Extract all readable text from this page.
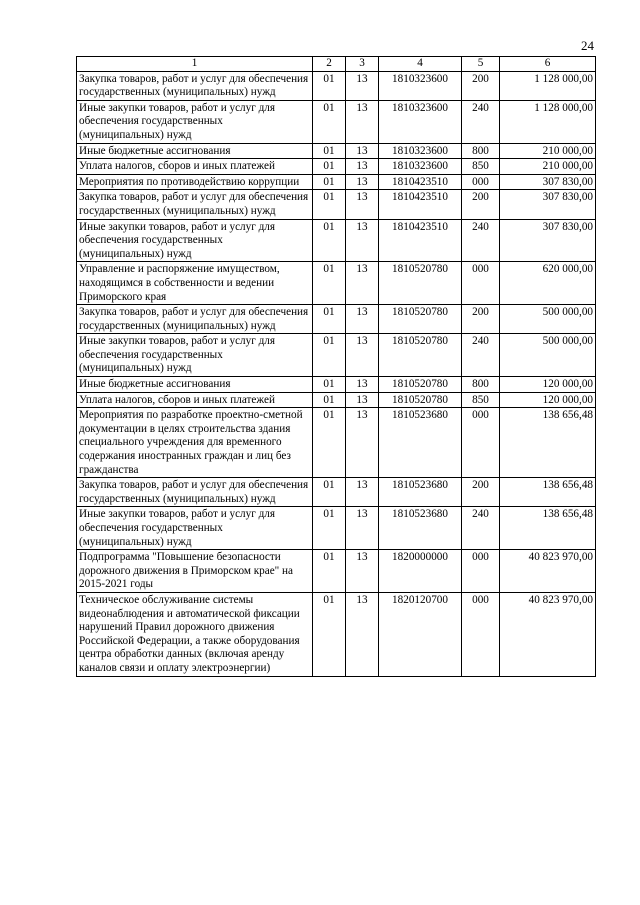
24
1	2	3	4	5	6
Закупка товаров, работ и услуг для обеспечения государственных (муниципальных) нужд	01	13	1810323600	200	1 128 000,00
Иные закупки товаров, работ и услуг для обеспечения государственных (муниципальных) нужд	01	13	1810323600	240	1 128 000,00
Иные бюджетные ассигнования	01	13	1810323600	800	210 000,00
Уплата налогов, сборов и иных платежей	01	13	1810323600	850	210 000,00
Мероприятия по противодействию коррупции	01	13	1810423510	000	307 830,00
Закупка товаров, работ и услуг для обеспечения государственных (муниципальных) нужд	01	13	1810423510	200	307 830,00
Иные закупки товаров, работ и услуг для обеспечения государственных (муниципальных) нужд	01	13	1810423510	240	307 830,00
Управление и распоряжение имуществом, находящимся в собственности и ведении Приморского края	01	13	1810520780	000	620 000,00
Закупка товаров, работ и услуг для обеспечения государственных (муниципальных) нужд	01	13	1810520780	200	500 000,00
Иные закупки товаров, работ и услуг для обеспечения государственных (муниципальных) нужд	01	13	1810520780	240	500 000,00
Иные бюджетные ассигнования	01	13	1810520780	800	120 000,00
Уплата налогов, сборов и иных платежей	01	13	1810520780	850	120 000,00
Мероприятия по разработке проектно-сметной документации в целях строительства здания специального учреждения для временного содержания иностранных граждан и лиц без гражданства	01	13	1810523680	000	138 656,48
Закупка товаров, работ и услуг для обеспечения государственных (муниципальных) нужд	01	13	1810523680	200	138 656,48
Иные закупки товаров, работ и услуг для обеспечения государственных (муниципальных) нужд	01	13	1810523680	240	138 656,48
Подпрограмма "Повышение безопасности дорожного движения в Приморском крае" на 2015-2021 годы	01	13	1820000000	000	40 823 970,00
Техническое обслуживание системы видеонаблюдения и автоматической фиксации нарушений Правил дорожного движения Российской Федерации, а также оборудования центра обработки данных (включая аренду каналов связи и оплату электроэнергии)	01	13	1820120700	000	40 823 970,00
